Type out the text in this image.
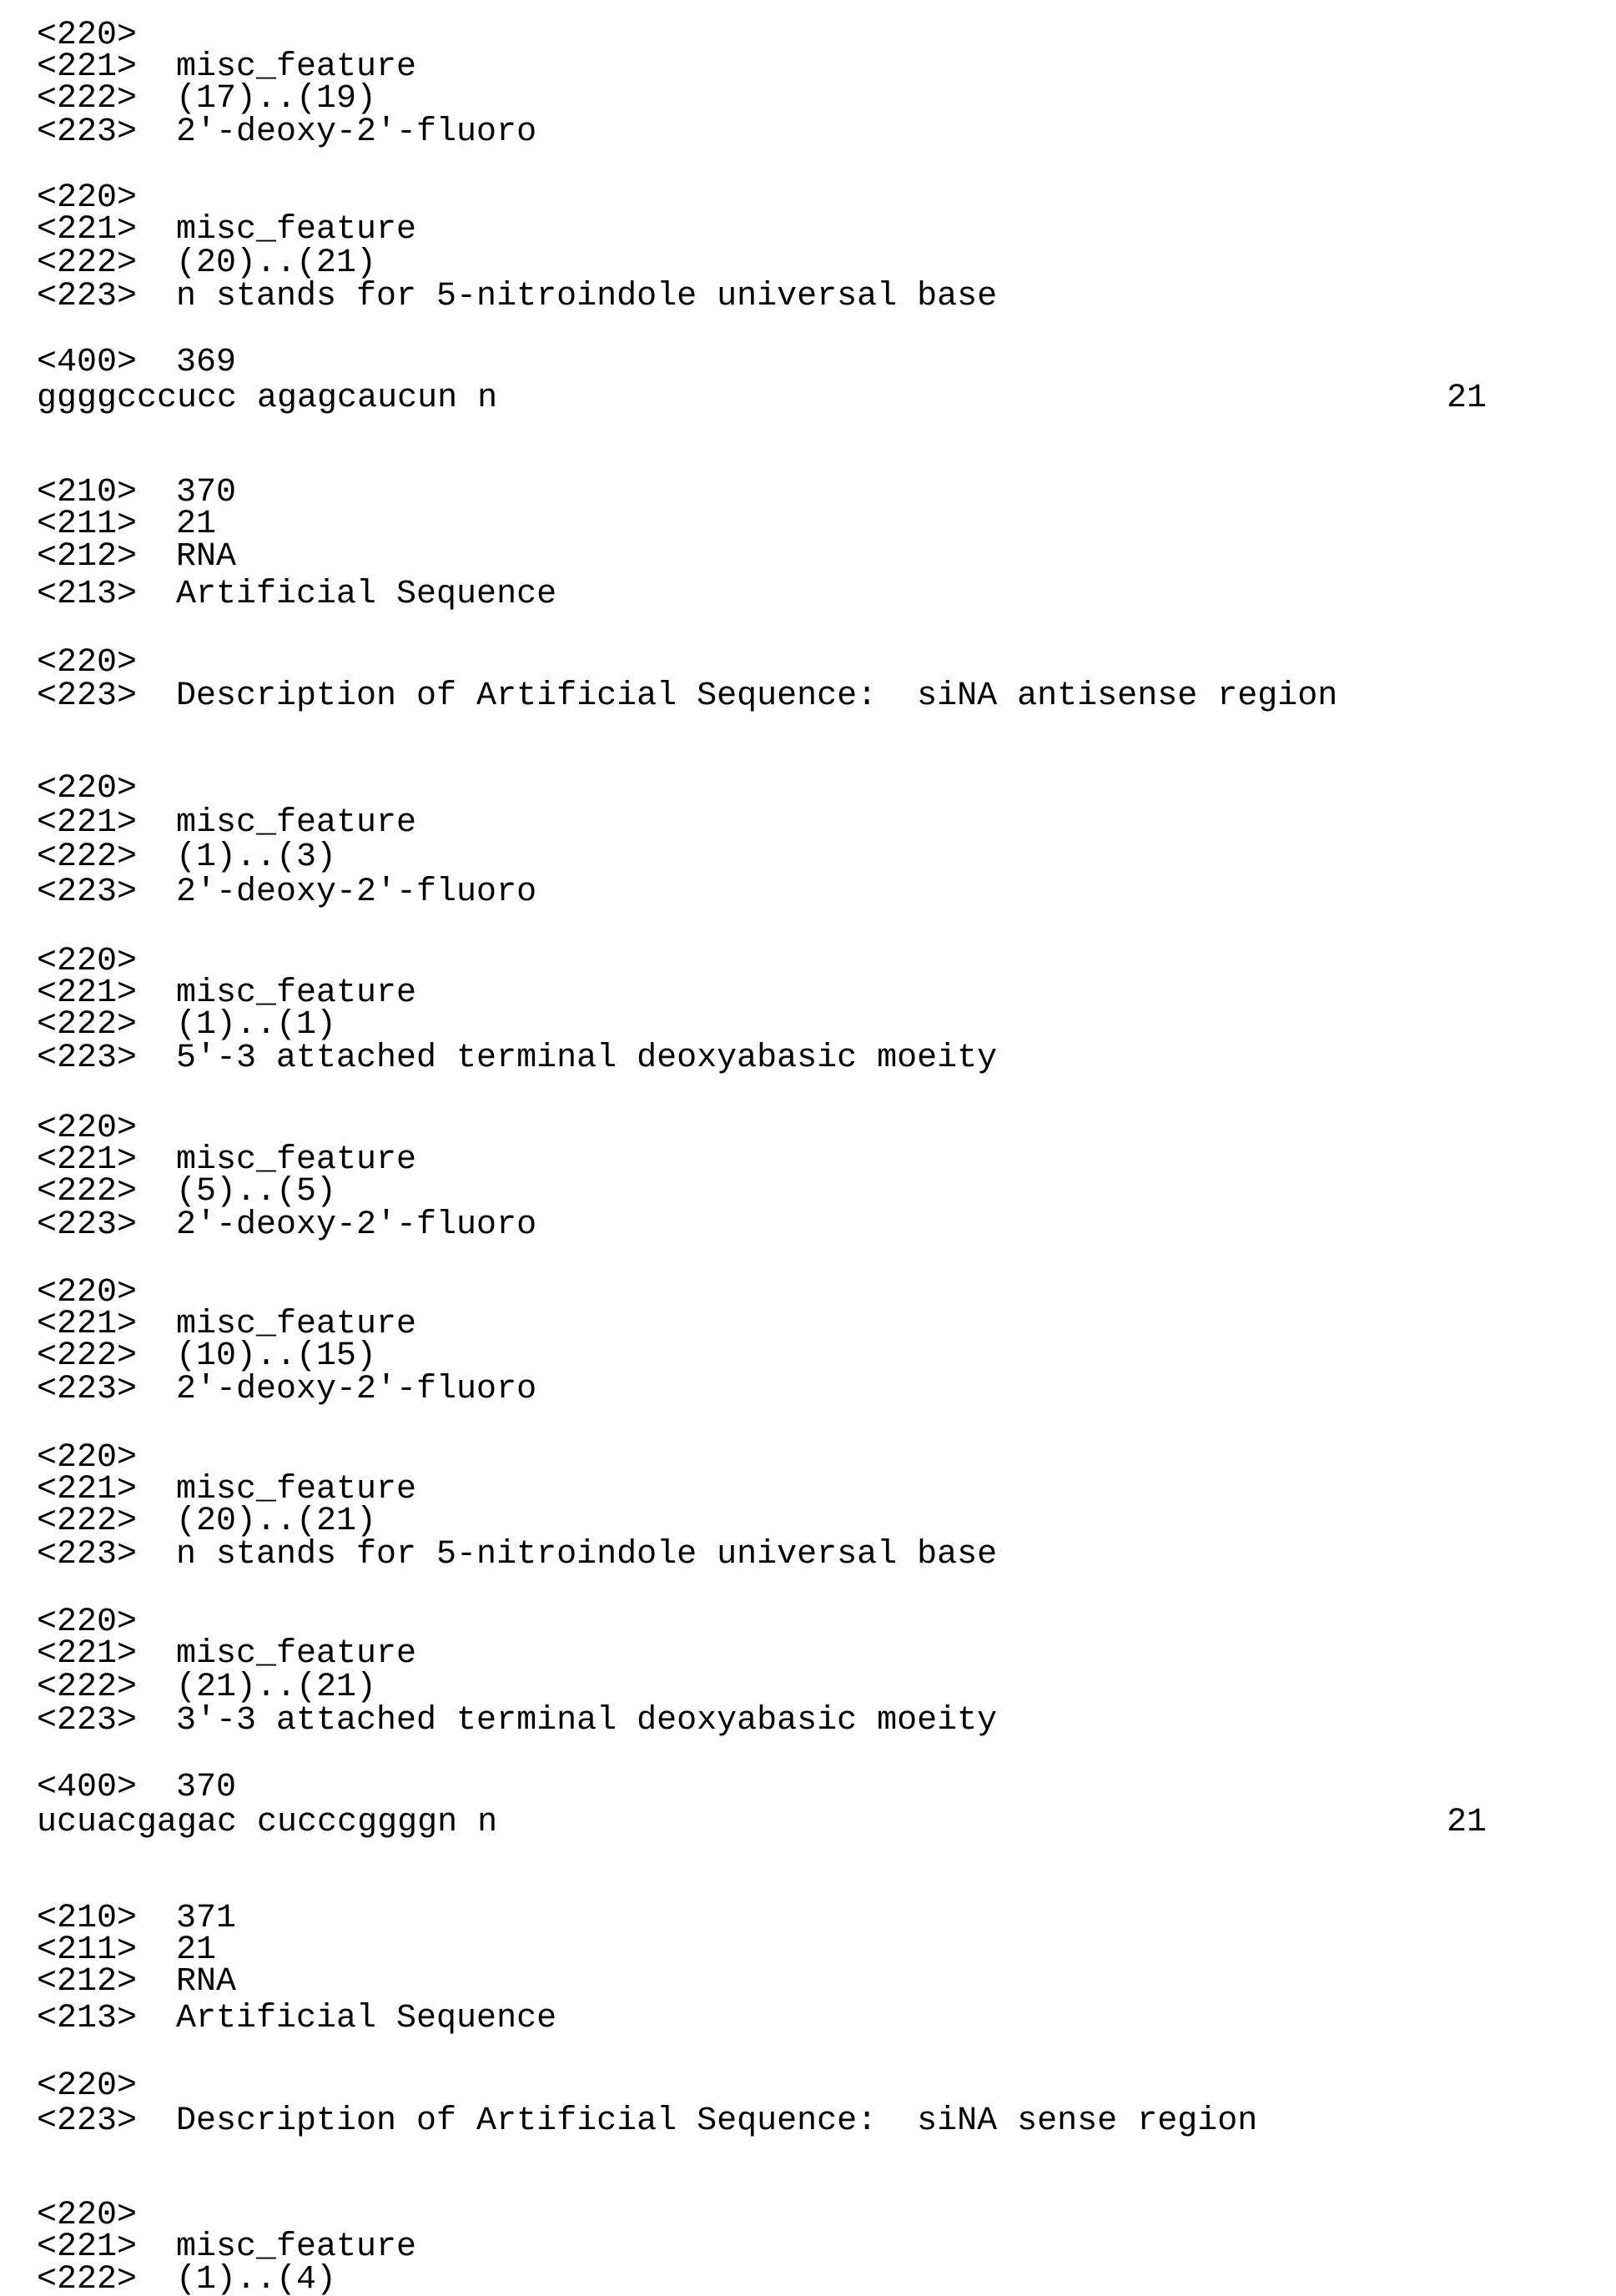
<220>
<221> misc_feature
<222> (17)..(19)
<223> 2'-deoxy-2'-fluoro
<220>
<221> misc_feature
<222> (20)..(21)
<223> n stands for 5-nitroindole universal base
<400> 369
ggggcccucc agagcaucun n	21
<210> 370
<211> 21
<212> RNA
<213> Artificial Sequence
<220>
<223> Description of Artificial Sequence:  siNA antisense region
<220>
<221> misc_feature
<222> (1)..(3)
<223> 2'-deoxy-2'-fluoro
<220>
<221> misc_feature
<222> (1)..(1)
<223> 5'-3 attached terminal deoxyabasic moeity
<220>
<221> misc_feature
<222> (5)..(5)
<223> 2'-deoxy-2'-fluoro
<220>
<221> misc_feature
<222> (10)..(15)
<223> 2'-deoxy-2'-fluoro
<220>
<221> misc_feature
<222> (20)..(21)
<223> n stands for 5-nitroindole universal base
<220>
<221> misc_feature
<222> (21)..(21)
<223> 3'-3 attached terminal deoxyabasic moeity
<400> 370
ucuacgagac cucccggggn n	21
<210> 371
<211> 21
<212> RNA
<213> Artificial Sequence
<220>
<223> Description of Artificial Sequence:  siNA sense region
<220>
<221> misc_feature
<222> (1)..(4)
